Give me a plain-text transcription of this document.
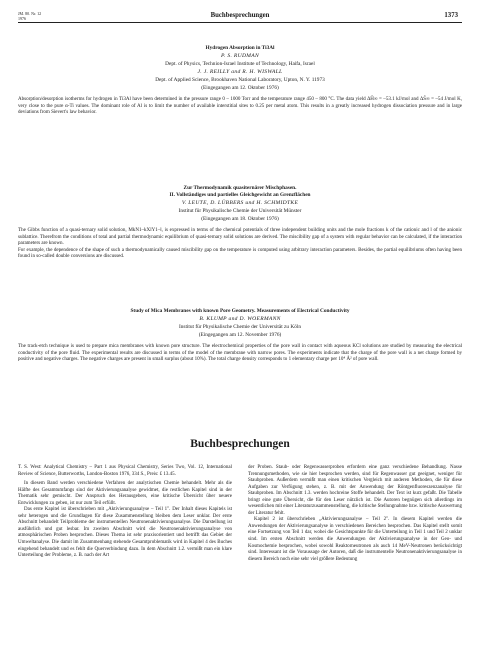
JM. 80. Nr. 12
1976	Buchbesprechungen	1373
Hydrogen Absorption in Ti3Al
P. S. RUDMAN
Dept. of Physics, Technion-Israel Institute of Technology, Haifa, Israel
J. J. REILLY and R. H. WISWALL
Dept. of Applied Science, Brookhaven National Laboratory, Upton, N. Y. 11973
(Eingegangen am 12. Oktober 1976)

Absorption/desorption isotherms for hydrogen in Ti3Al have been determined in the pressure range 0 – 1000 Torr and the temperature range 450 – 800 °C. The data yield ΔH̄∞ = –53.1 kJ/mol and ΔS̄∞ = –54 J/mol K, very close to the pure α-Ti values. The dominant role of Al is to limit the number of available interstitial sites to 0.25 per metal atom. This results in a greatly increased hydrogen dissociation pressure and in large deviations from Sievert's law behavior.

Zur Thermodynamik quasiternärer Mischphasen.
II. Vollständiges und partielles Gleichgewicht an Grenzflächen
V. LEUTE, D. LÜBBERS und H. SCHMIDTKE
Institut für Physikalische Chemie der Universität Münster
(Eingegangen am 18. Oktober 1976)

The Gibbs function of a quasi-ternary solid solution, MkN1–kXlY1–l, is expressed in terms of the chemical potentials of three independent building units and the mole fractions k of the cationic and l of the anionic sublattice. Therefrom the conditions of total and partial thermodynamic equilibrium of quasi-ternary solid solutions are derived. The miscibility gap of a system with regular behavior can be calculated, if the interaction parameters are known.

For example, the dependence of the shape of such a thermodynamically caused miscibility gap on the temperature is computed using arbitrary interaction parameters. Besides, the partial equilibriums often having been found in so-called double conversions are discussed.

Study of Mica Membranes with known Pore Geometry. Measurements of Electrical Conductivity
B. KLUMP and D. WOERMANN
Institut für Physikalische Chemie der Universität zu Köln
(Eingegangen am 12. November 1976)

The track-etch technique is used to prepare mica membranes with known pore structure. The electrochemical properties of the pore wall in contact with aqueous KCl solutions are studied by measuring the electrical conductivity of the pore fluid. The experimental results are discussed in terms of the model of the membrane with narrow pores. The experiments indicate that the charge of the pore wall is a net charge formed by positive and negative charges. The negative charges are present in small surplus (about 10%). The total charge density corresponds to 1 elementary charge per 10⁴ Å² of pore wall.

Buchbesprechungen

T. S. West: Analytical Chemistry – Part 1 aus Physical Chemistry, Series Two, Vol. 12, International Review of Science, Butterworths, London-Boston 1976, 334 S., Preis: £ 13.45.

In diesem Band werden verschiedene Verfahren der analytischen Chemie behandelt. Mehr als die Hälfte des Gesamtumfangs sind der Aktivierungsanalyse gewidmet, die restlichen Kapitel sind in der Thematik sehr gemischt. Der Anspruch des Herausgebers, eine kritische Übersicht über neuere Entwicklungen zu geben, ist nur zum Teil erfüllt.

Das erste Kapitel ist überschrieben mit „Aktivierungsanalyse – Teil 1". Der Inhalt dieses Kapitels ist sehr heterogen und die Grundlagen für diese Zusammenstellung bleiben dem Leser unklar. Der erste Abschnitt behandelt Teilprobleme der instrumentellen Neutronenaktivierungsanalyse. Die Darstellung ist ausführlich und gut lesbar. Im zweiten Abschnitt wird die Neutronenaktivierungsanalyse von atmosphärischen Proben besprochen. Dieses Thema ist sehr praxisorientiert und betrifft das Gebiet der Umweltanalyse. Die damit im Zusammenhang stehende Gesamtproblematik wird in Kapitel 4 des Buches eingehend behandelt und es fehlt die Querverbindung dazu. In dem Abschnitt 1.2. vermißt man ein klare Unterteilung der Probleme, z. B. nach der Art

der Proben. Staub- oder Regenwasserproben erfordern eine ganz verschiedene Behandlung. Nasse Trennungsmethoden, wie sie hier besprochen werden, sind für Regenwasser gut geeignet, weniger für Staubproben. Außerdem vermißt man einen kritischen Vergleich mit anderen Methoden, die für diese Aufgaben zur Verfügung stehen, z. B. mit der Anwendung der Röntgenfluoreszenzanalyse für Staubproben. Im Abschnitt 1.3. werden hochreine Stoffe behandelt. Der Text ist kurz gefaßt. Die Tabelle bringt eine gute Übersicht, die für den Leser nützlich ist. Die Autoren begnügen sich allerdings im wesentlichen mit einer Literaturzusammenstellung, die kritische Stellungnahme bzw. kritische Auswertung der Literatur fehlt.

Kapitel 2 ist überschrieben „Aktivierungsanalyse – Teil 2". In diesem Kapitel werden die Anwendungen der Aktivierungsanalyse in verschiedenen Bereichen besprochen. Das Kapitel stellt somit eine Fortsetzung von Teil 1 dar, wobei die Gesichtspunkte für die Unterteilung in Teil 1 und Teil 2 unklar sind. Im ersten Abschnitt werden die Anwendungen der Aktivierungsanalyse in der Geo- und Kosmochemie besprochen, wobei sowohl Reaktorneutronen als auch 14 MeV-Neutronen berücksichtigt sind. Interessant ist die Voraussage der Autoren, daß die instrumentelle Neutronenaktivierungsanalyse in diesem Bereich noch eine sehr viel größere Bedeutung
